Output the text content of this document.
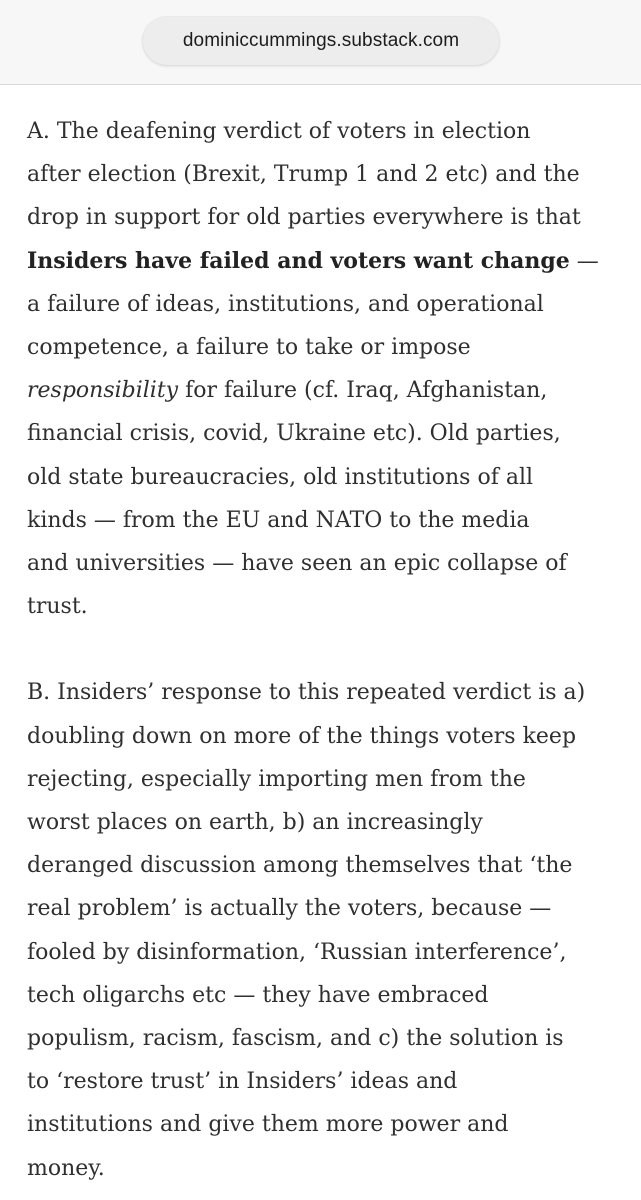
dominiccummings.substack.com
A. The deafening verdict of voters in election
after election (Brexit, Trump 1 and 2 etc) and the
drop in support for old parties everywhere is that
Insiders have failed and voters want change —
a failure of ideas, institutions, and operational
competence, a failure to take or impose
responsibility for failure (cf. Iraq, Afghanistan,
financial crisis, covid, Ukraine etc). Old parties,
old state bureaucracies, old institutions of all
kinds — from the EU and NATO to the media
and universities — have seen an epic collapse of
trust.
B. Insiders’ response to this repeated verdict is a)
doubling down on more of the things voters keep
rejecting, especially importing men from the
worst places on earth, b) an increasingly
deranged discussion among themselves that ‘the
real problem’ is actually the voters, because —
fooled by disinformation, ‘Russian interference’,
tech oligarchs etc — they have embraced
populism, racism, fascism, and c) the solution is
to ‘restore trust’ in Insiders’ ideas and
institutions and give them more power and
money.
